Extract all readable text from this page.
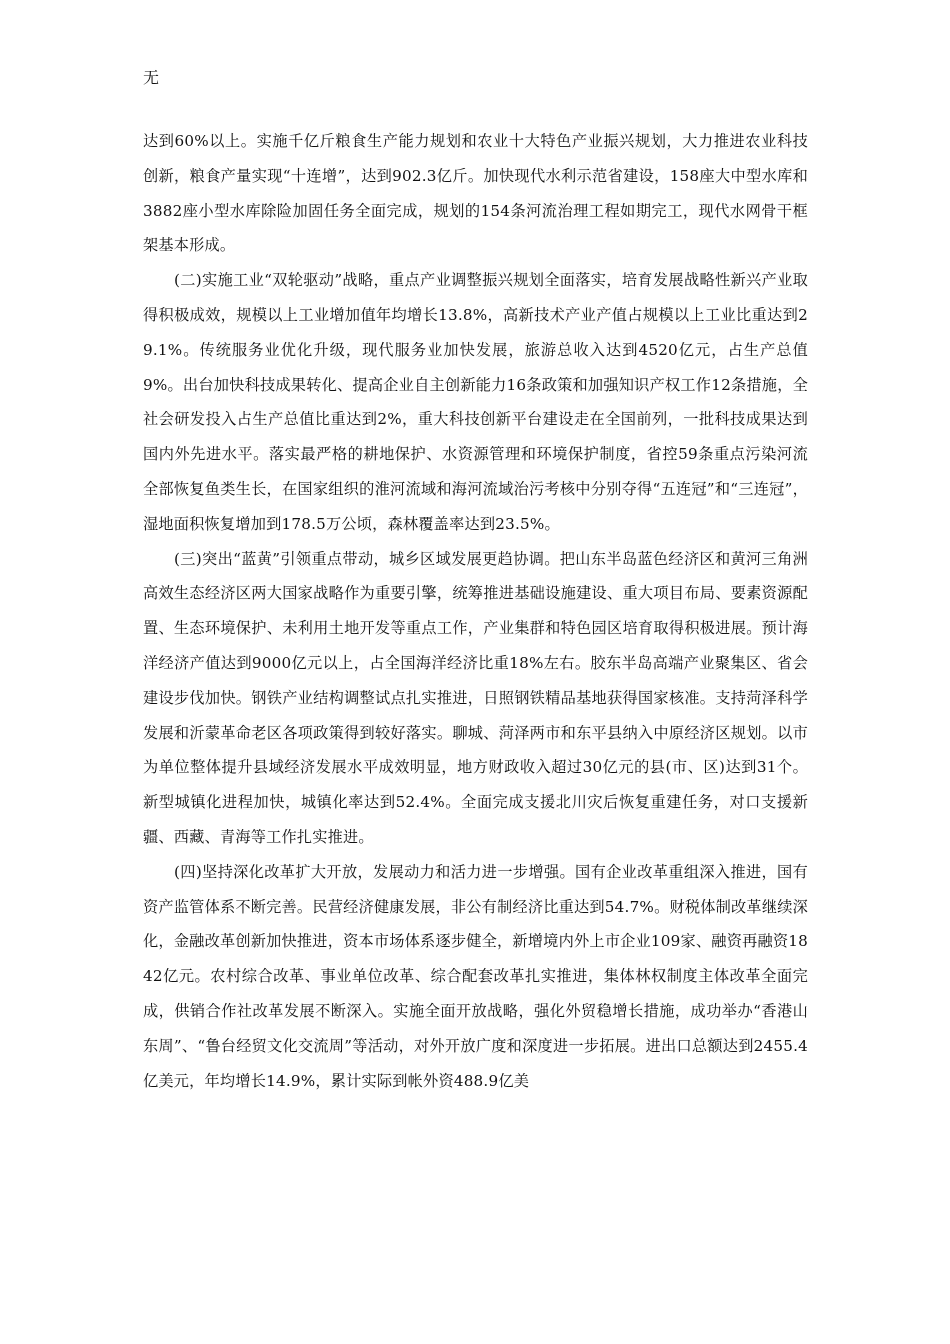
无

达到60%以上。实施千亿斤粮食生产能力规划和农业十大特色产业振兴规划，大力推进农业科技创新，粮食产量实现“十连增”，达到902.3亿斤。加快现代水利示范省建设，158座大中型水库和3882座小型水库除险加固任务全面完成，规划的154条河流治理工程如期完工，现代水网骨干框架基本形成。

(二)实施工业“双轮驱动”战略，重点产业调整振兴规划全面落实，培育发展战略性新兴产业取得积极成效，规模以上工业增加值年均增长13.8%，高新技术产业产值占规模以上工业比重达到29.1%。传统服务业优化升级，现代服务业加快发展，旅游总收入达到4520亿元，占生产总值9%。出台加快科技成果转化、提高企业自主创新能力16条政策和加强知识产权工作12条措施，全社会研发投入占生产总值比重达到2%，重大科技创新平台建设走在全国前列，一批科技成果达到国内外先进水平。落实最严格的耕地保护、水资源管理和环境保护制度，省控59条重点污染河流全部恢复鱼类生长，在国家组织的淮河流域和海河流域治污考核中分别夺得“五连冠”和“三连冠”，湿地面积恢复增加到178.5万公顷，森林覆盖率达到23.5%。

(三)突出“蓝黄”引领重点带动，城乡区域发展更趋协调。把山东半岛蓝色经济区和黄河三角洲高效生态经济区两大国家战略作为重要引擎，统筹推进基础设施建设、重大项目布局、要素资源配置、生态环境保护、未利用土地开发等重点工作，产业集群和特色园区培育取得积极进展。预计海洋经济产值达到9000亿元以上，占全国海洋经济比重18%左右。胶东半岛高端产业聚集区、省会建设步伐加快。钢铁产业结构调整试点扎实推进，日照钢铁精品基地获得国家核准。支持菏泽科学发展和沂蒙革命老区各项政策得到较好落实。聊城、菏泽两市和东平县纳入中原经济区规划。以市为单位整体提升县域经济发展水平成效明显，地方财政收入超过30亿元的县(市、区)达到31个。新型城镇化进程加快，城镇化率达到52.4%。全面完成支援北川灾后恢复重建任务，对口支援新疆、西藏、青海等工作扎实推进。

(四)坚持深化改革扩大开放，发展动力和活力进一步增强。国有企业改革重组深入推进，国有资产监管体系不断完善。民营经济健康发展，非公有制经济比重达到54.7%。财税体制改革继续深化，金融改革创新加快推进，资本市场体系逐步健全，新增境内外上市企业109家、融资再融资1842亿元。农村综合改革、事业单位改革、综合配套改革扎实推进，集体林权制度主体改革全面完成，供销合作社改革发展不断深入。实施全面开放战略，强化外贸稳增长措施，成功举办“香港山东周”、“鲁台经贸文化交流周”等活动，对外开放广度和深度进一步拓展。进出口总额达到2455.4亿美元，年均增长14.9%，累计实际到帐外资488.9亿美
